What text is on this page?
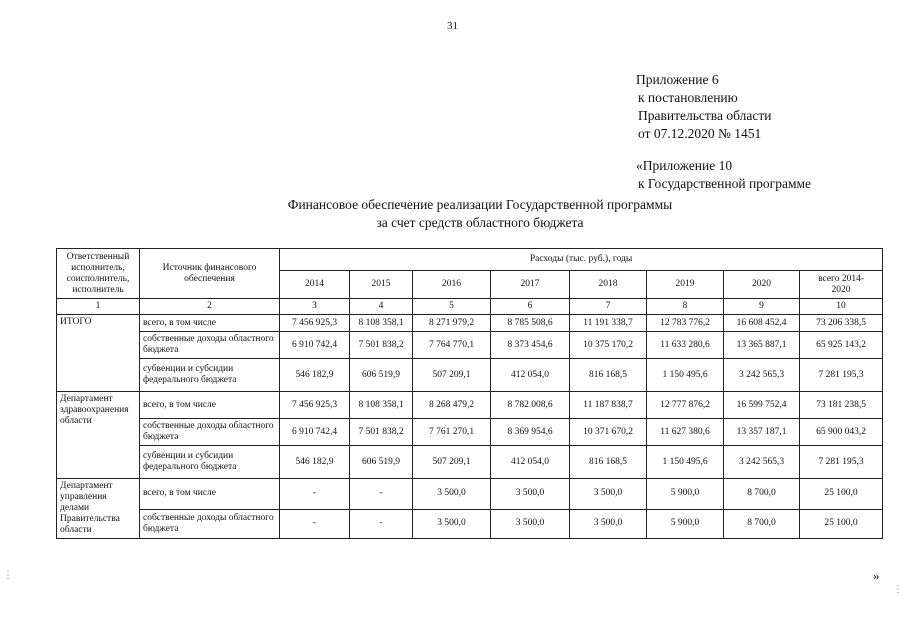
31
Приложение 6
к постановлению
Правительства области
от 07.12.2020 № 1451
«Приложение 10
к Государственной программе
Финансовое обеспечение реализации Государственной программы
за счет средств областного бюджета
Ответственный исполнитель, соисполнитель, исполнитель	Источник финансового обеспечения	Расходы (тыс. руб.), годы							
		2014	2015	2016	2017	2018	2019	2020	всего 2014-2020
1	2	3	4	5	6	7	8	9	10
ИТОГО	всего, в том числе	7 456 925,3	8 108 358,1	8 271 979,2	8 785 508,6	11 191 338,7	12 783 776,2	16 608 452,4	73 206 338,5
	собственные доходы областного бюджета	6 910 742,4	7 501 838,2	7 764 770,1	8 373 454,6	10 375 170,2	11 633 280,6	13 365 887,1	65 925 143,2
	субвенции и субсидии федерального бюджета	546 182,9	606 519,9	507 209,1	412 054,0	816 168,5	1 150 495,6	3 242 565,3	7 281 195,3
Департамент здравоохранения области	всего, в том числе	7 456 925,3	8 108 358,1	8 268 479,2	8 782 008,6	11 187 838,7	12 777 876,2	16 599 752,4	73 181 238,5
	собственные доходы областного бюджета	6 910 742,4	7 501 838,2	7 761 270,1	8 369 954,6	10 371 670,2	11 627 380,6	13 357 187,1	65 900 043,2
	субвенции и субсидии федерального бюджета	546 182,9	606 519,9	507 209,1	412 054,0	816 168,5	1 150 495,6	3 242 565,3	7 281 195,3
Департамент управления делами Правительства области	всего, в том числе	-	-	3 500,0	3 500,0	3 500,0	5 900,0	8 700,0	25 100,0
	собственные доходы областного бюджета	-	-	3 500,0	3 500,0	3 500,0	5 900,0	8 700,0	25 100,0
⋮
⋮
»
